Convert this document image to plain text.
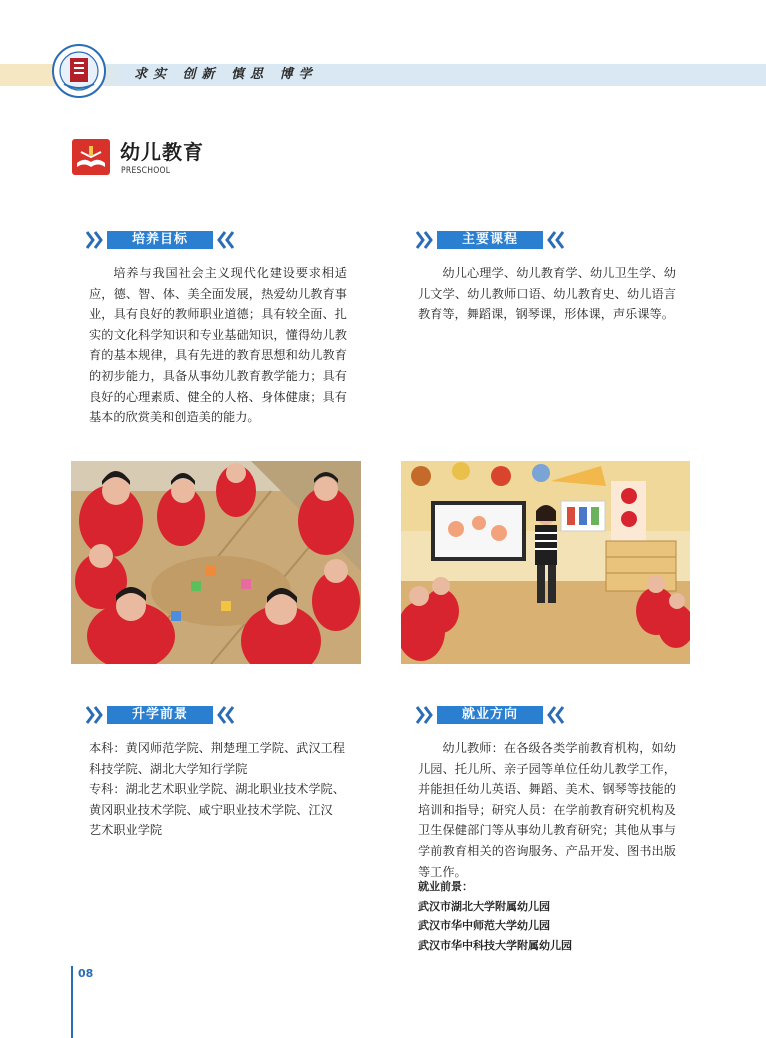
求实 创新 慎思 博学
幼儿教育
PRESCHOOL
培养目标	主要课程
培养与我国社会主义现代化建设要求相适应，德、智、体、美全面发展，热爱幼儿教育事业，具有良好的教师职业道德；具有较全面、扎实的文化科学知识和专业基础知识，懂得幼儿教育的基本规律，具有先进的教育思想和幼儿教育的初步能力，具备从事幼儿教育教学能力；具有良好的心理素质、健全的人格、身体健康；具有基本的欣赏美和创造美的能力。
幼儿心理学、幼儿教育学、幼儿卫生学、幼儿文学、幼儿教师口语、幼儿教育史、幼儿语言教育等，舞蹈课，钢琴课，形体课，声乐课等。
升学前景	就业方向
本科：黄冈师范学院、荆楚理工学院、武汉工程
科技学院、湖北大学知行学院
专科：湖北艺术职业学院、湖北职业技术学院、
黄冈职业技术学院、咸宁职业技术学院、江汉
艺术职业学院
幼儿教师：在各级各类学前教育机构，如幼儿园、托儿所、亲子园等单位任幼儿教学工作，并能担任幼儿英语、舞蹈、美术、钢琴等技能的培训和指导；研究人员：在学前教育研究机构及卫生保健部门等从事幼儿教育研究；其他从事与学前教育相关的咨询服务、产品开发、图书出版等工作。
就业前景：
武汉市湖北大学附属幼儿园
武汉市华中师范大学幼儿园
武汉市华中科技大学附属幼儿园
08
